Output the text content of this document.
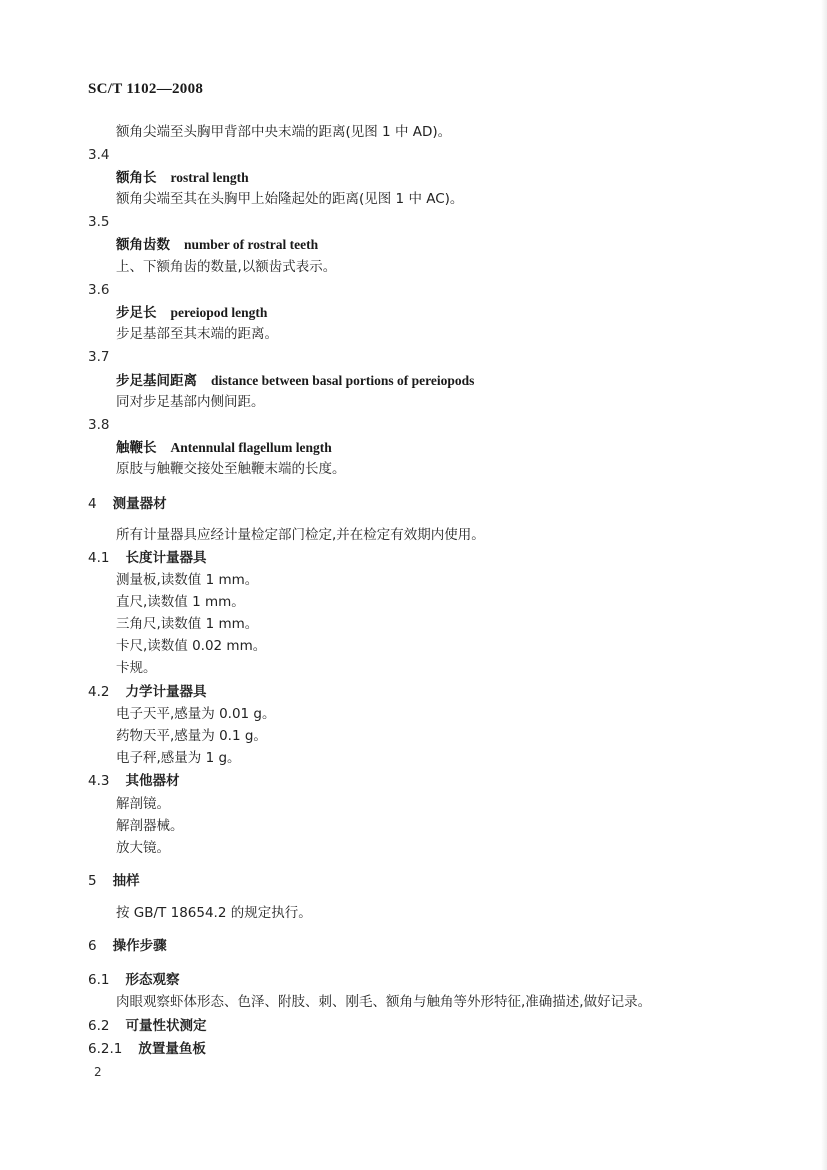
SC/T 1102—2008
额角尖端至头胸甲背部中央末端的距离(见图 1 中 AD)。
3.4
额角长 rostral length
额角尖端至其在头胸甲上始隆起处的距离(见图 1 中 AC)。
3.5
额角齿数 number of rostral teeth
上、下额角齿的数量,以额齿式表示。
3.6
步足长 pereiopod length
步足基部至其末端的距离。
3.7
步足基间距离 distance between basal portions of pereiopods
同对步足基部内侧间距。
3.8
触鞭长 Antennulal flagellum length
原肢与触鞭交接处至触鞭末端的长度。
4 测量器材
所有计量器具应经计量检定部门检定,并在检定有效期内使用。
4.1 长度计量器具
测量板,读数值 1 mm。
直尺,读数值 1 mm。
三角尺,读数值 1 mm。
卡尺,读数值 0.02 mm。
卡规。
4.2 力学计量器具
电子天平,感量为 0.01 g。
药物天平,感量为 0.1 g。
电子秤,感量为 1 g。
4.3 其他器材
解剖镜。
解剖器械。
放大镜。
5 抽样
按 GB/T 18654.2 的规定执行。
6 操作步骤
6.1 形态观察
肉眼观察虾体形态、色泽、附肢、刺、刚毛、额角与触角等外形特征,准确描述,做好记录。
6.2 可量性状测定
6.2.1 放置量鱼板
2
